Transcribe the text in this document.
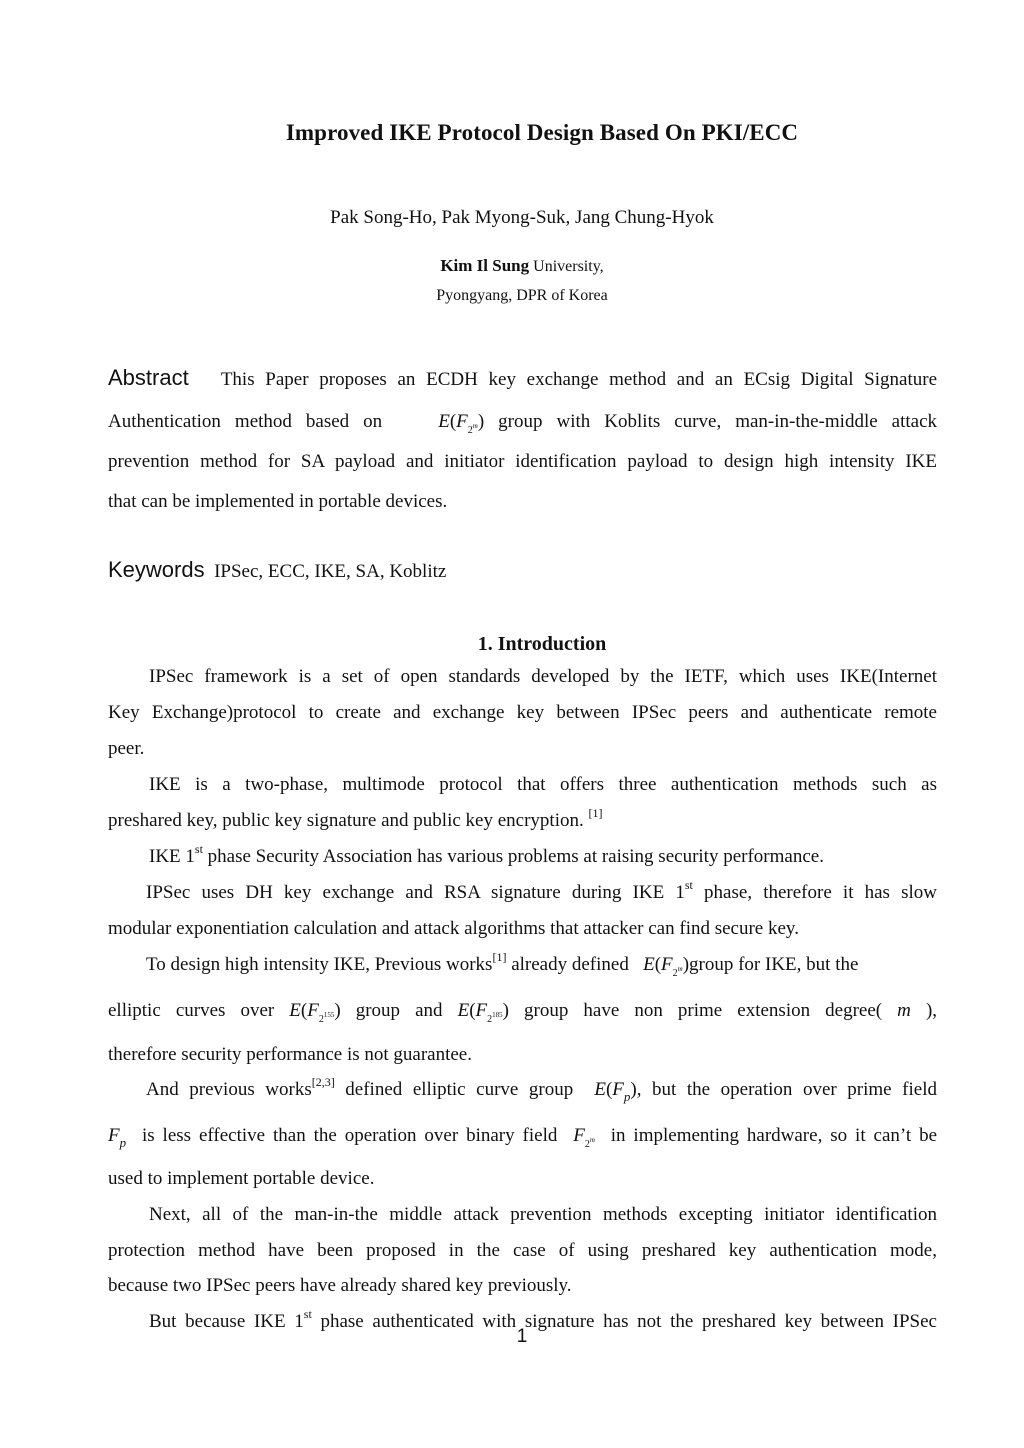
Improved IKE Protocol Design Based On PKI/ECC
Pak Song-Ho, Pak Myong-Suk, Jang Chung-Hyok
Kim Il Sung University,
Pyongyang, DPR of Korea
Abstract This Paper proposes an ECDH key exchange method and an ECsig Digital Signature
Authentication method based on	$E(F_{2^m})$ group with Koblits curve, man-in-the-middle attack
prevention method for SA payload and initiator identification payload to design high intensity IKE
that can be implemented in portable devices.
Keywords IPSec, ECC, IKE, SA, Koblitz
1. Introduction
IPSec framework is a set of open standards developed by the IETF, which uses IKE(Internet
Key Exchange)protocol to create and exchange key between IPSec peers and authenticate remote
peer.
IKE is a two-phase, multimode protocol that offers three authentication methods such as
preshared key, public key signature and public key encryption. [1]
IKE 1st phase Security Association has various problems at raising security performance.
IPSec uses DH key exchange and RSA signature during IKE 1st phase, therefore it has slow
modular exponentiation calculation and attack algorithms that attacker can find secure key.
To design high intensity IKE, Previous works[1] already defined $E(F_{2^m})group$ for IKE, but the
elliptic curves over $E(F_{2^{155}})$ group and $E(F_{2^{185}})$ group have non prime extension degree( m ),
therefore security performance is not guarantee.
And previous works[2,3] defined elliptic curve group $E(F_p)$, but the operation over prime field
$F_p$ is less effective than the operation over binary field $F_{2^m}$ in implementing hardware, so it can’t be
used to implement portable device.
Next, all of the man-in-the middle attack prevention methods excepting initiator identification
protection method have been proposed in the case of using preshared key authentication mode,
because two IPSec peers have already shared key previously.
But because IKE 1st phase authenticated with signature has not the preshared key between IPSec
1
